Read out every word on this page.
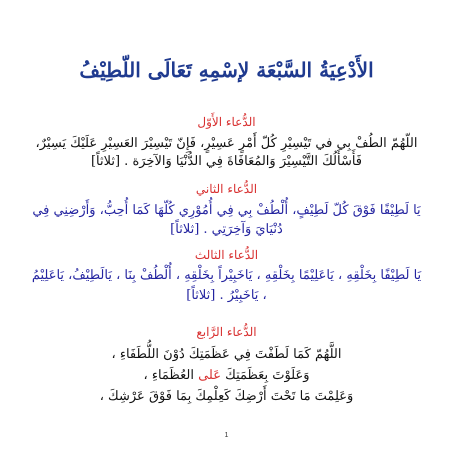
الأَدْعِيَةُ السَّبْعَة لإسْمِهِ تَعَالَى اللّطِيْفُ
الدُّعاء الأَوّل
اللّهُمّ الطُفْ بِي في تَيْسِيْرِ كُلّ أَمْرٍ عَسِيْرٍ، فَإِنّ تَيْسِيْرَ العَسِيْرِ عَلَيْكَ يَسِيْرٌ،
فَأَسْأَلُكَ التَّيْسِيْرَ وَالمُعَافَاةَ فِي الدُّنْيَا وَالآخِرَة . [ثلاثاً]
الدُّعاء الثاني
يَا لَطِيْفًا فَوْقَ كُلّ لَطِيْفٍ، أُلْطُفْ بِي فِي أُمُوْرِي كُلّهَا كَمَا أُحِبُّ، وَأَرْضِنِي فِي
دُنْيَايَ وَآخِرَتِي . [ثلاثاً]
الدُّعاء الثالث
يَا لَطِيْفًا بِخَلْقِهِ ، يَاعَلِيْمًا بِخَلْقِهِ ، يَاخَبِيْراً بِخَلْقِهِ ، أُلْطُفْ بِنَا ، يَالَطِيْفُ، يَاعَلِيْمُ
، يَاخَبِيْرُ . [ثلاثاً]
الدُّعاء الرَّابع
اللَّهُمّ كَمَا لَطَفْتَ فِي عَظَمَتِكَ دُوْنَ اللُّطَفَاءِ ،
وَعَلَوْتَ بِعَظَمَتِكَ عَلى العُظَمَاءِ ،
وَعَلِمْتَ مَا تَحْتَ أَرْضِكَ كَعِلْمِكَ بِمَا فَوْقَ عَرْشِكَ ،
1
